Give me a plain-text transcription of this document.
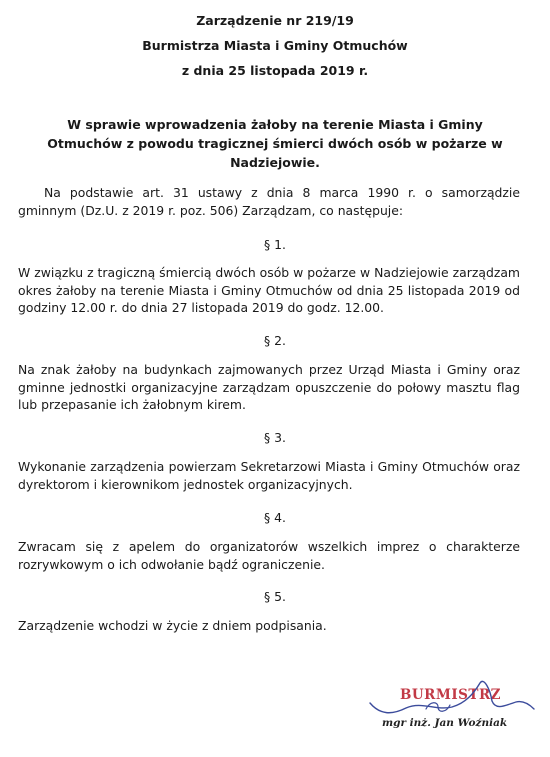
Zarządzenie nr 219/19

Burmistrza Miasta i Gminy Otmuchów

z dnia 25 listopada 2019 r.

W sprawie wprowadzenia żałoby na terenie Miasta i Gminy Otmuchów z powodu tragicznej śmierci dwóch osób w pożarze w Nadziejowie.

Na podstawie art. 31 ustawy z dnia 8 marca 1990 r. o samorządzie gminnym (Dz.U. z 2019 r. poz. 506) Zarządzam, co następuje:

§ 1.

W związku z tragiczną śmiercią dwóch osób w pożarze w Nadziejowie zarządzam okres żałoby na terenie Miasta i Gminy Otmuchów od dnia 25 listopada 2019 od godziny 12.00 r. do dnia 27 listopada 2019 do godz. 12.00.

§ 2.

Na znak żałoby na budynkach zajmowanych przez Urząd Miasta i Gminy oraz gminne jednostki organizacyjne zarządzam opuszczenie do połowy masztu flag lub przepasanie ich żałobnym kirem.

§ 3.

Wykonanie zarządzenia powierzam Sekretarzowi Miasta i Gminy Otmuchów oraz dyrektorom i kierownikom jednostek organizacyjnych.

§ 4.

Zwracam się z apelem do organizatorów wszelkich imprez o charakterze rozrywkowym o ich odwołanie bądź ograniczenie.

§ 5.

Zarządzenie wchodzi w życie z dniem podpisania.

BURMISTRZ

mgr inż. Jan Woźniak
